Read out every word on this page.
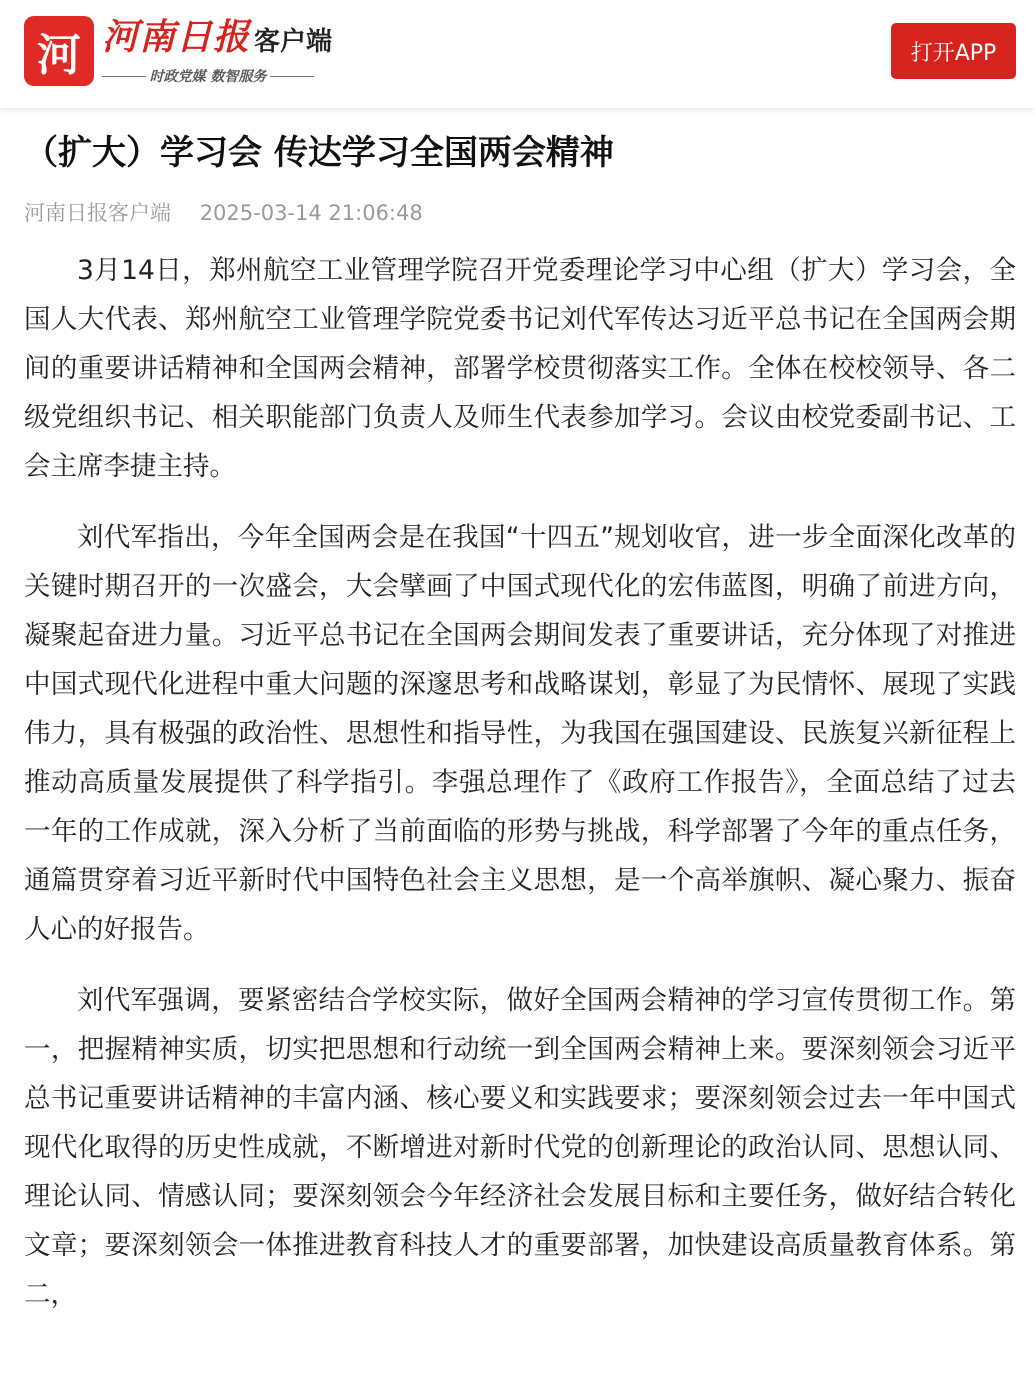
河 河南日报 客户端
时政党媒 数智服务
打开APP
（扩大）学习会 传达学习全国两会精神
河南日报客户端 2025-03-14 21:06:48

3月14日，郑州航空工业管理学院召开党委理论学习中心组（扩大）学习会，全国人大代表、郑州航空工业管理学院党委书记刘代军传达习近平总书记在全国两会期间的重要讲话精神和全国两会精神，部署学校贯彻落实工作。全体在校校领导、各二级党组织书记、相关职能部门负责人及师生代表参加学习。会议由校党委副书记、工会主席李捷主持。

刘代军指出，今年全国两会是在我国“十四五”规划收官，进一步全面深化改革的关键时期召开的一次盛会，大会擘画了中国式现代化的宏伟蓝图，明确了前进方向，凝聚起奋进力量。习近平总书记在全国两会期间发表了重要讲话，充分体现了对推进中国式现代化进程中重大问题的深邃思考和战略谋划，彰显了为民情怀、展现了实践伟力，具有极强的政治性、思想性和指导性，为我国在强国建设、民族复兴新征程上推动高质量发展提供了科学指引。李强总理作了《政府工作报告》，全面总结了过去一年的工作成就，深入分析了当前面临的形势与挑战，科学部署了今年的重点任务，通篇贯穿着习近平新时代中国特色社会主义思想，是一个高举旗帜、凝心聚力、振奋人心的好报告。

刘代军强调，要紧密结合学校实际，做好全国两会精神的学习宣传贯彻工作。第一，把握精神实质，切实把思想和行动统一到全国两会精神上来。要深刻领会习近平总书记重要讲话精神的丰富内涵、核心要义和实践要求；要深刻领会过去一年中国式现代化取得的历史性成就，不断增进对新时代党的创新理论的政治认同、思想认同、理论认同、情感认同；要深刻领会今年经济社会发展目标和主要任务，做好结合转化文章；要深刻领会一体推进教育科技人才的重要部署，加快建设高质量教育体系。第二，
